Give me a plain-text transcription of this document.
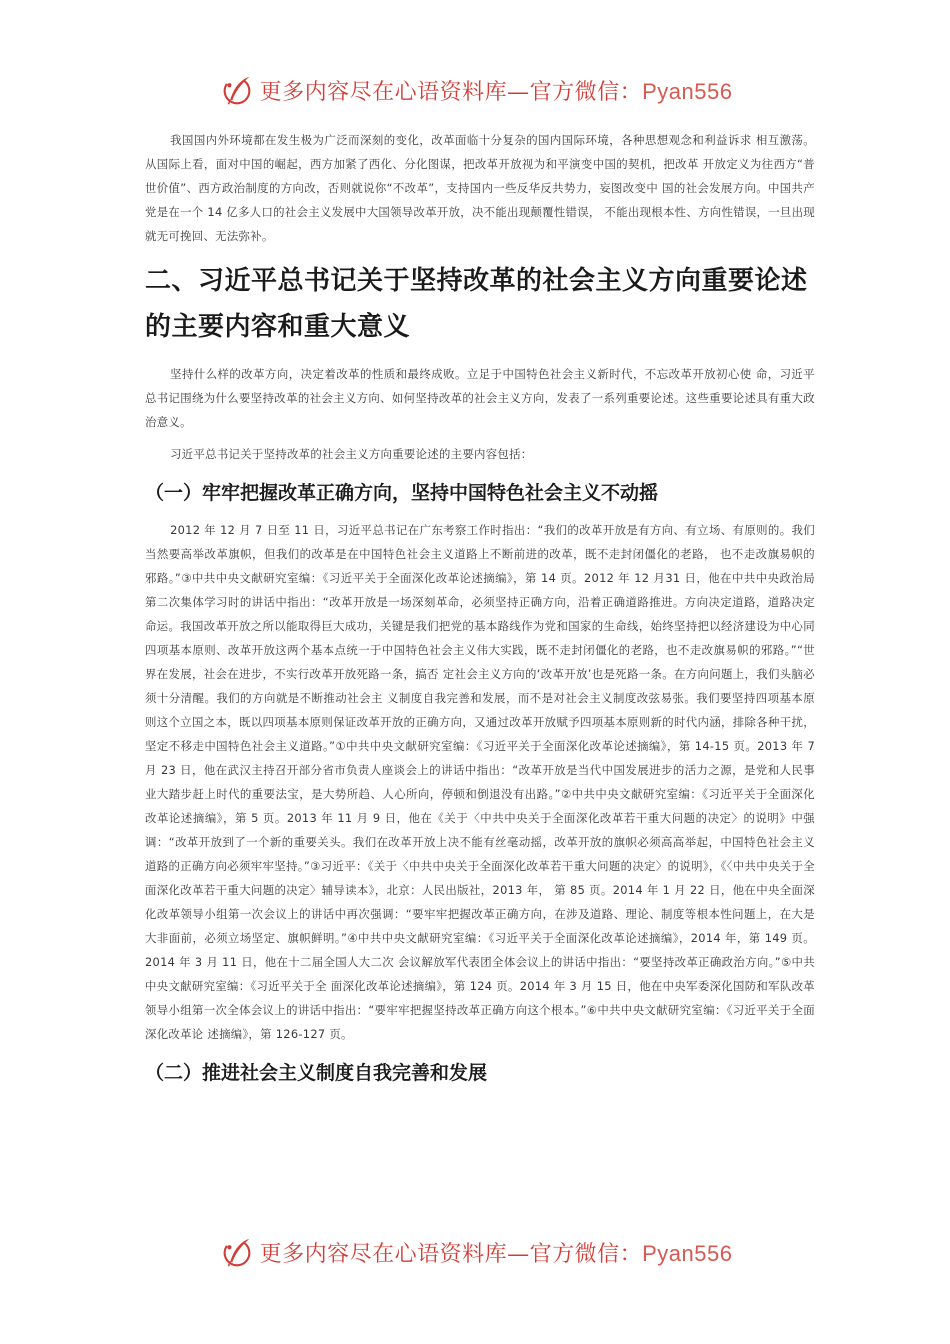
更多内容尽在心语资料库—官方微信：Pyan556

我国国内外环境都在发生极为广泛而深刻的变化，改革面临十分复杂的国内国际环境，各种思想观念和利益诉求 相互激荡。从国际上看，面对中国的崛起，西方加紧了西化、分化图谋，把改革开放视为和平演变中国的契机，把改革 开放定义为往西方“普世价值”、西方政治制度的方向改，否则就说你“不改革”，支持国内一些反华反共势力，妄图改变中 国的社会发展方向。中国共产党是在一个 14 亿多人口的社会主义发展中大国领导改革开放，决不能出现颠覆性错误， 不能出现根本性、方向性错误，一旦出现就无可挽回、无法弥补。

二、习近平总书记关于坚持改革的社会主义方向重要论述的主要内容和重大意义

坚持什么样的改革方向，决定着改革的性质和最终成败。立足于中国特色社会主义新时代，不忘改革开放初心使 命，习近平总书记围绕为什么要坚持改革的社会主义方向、如何坚持改革的社会主义方向，发表了一系列重要论述。这些重要论述具有重大政治意义。

习近平总书记关于坚持改革的社会主义方向重要论述的主要内容包括：

（一）牢牢把握改革正确方向，坚持中国特色社会主义不动摇

2012 年 12 月 7 日至 11 日，习近平总书记在广东考察工作时指出：“我们的改革开放是有方向、有立场、有原则的。我们当然要高举改革旗帜，但我们的改革是在中国特色社会主义道路上不断前进的改革，既不走封闭僵化的老路， 也不走改旗易帜的邪路。”③中共中央文献研究室编：《习近平关于全面深化改革论述摘编》，第 14 页。2012 年 12 月31 日，他在中共中央政治局第二次集体学习时的讲话中指出：“改革开放是一场深刻革命，必须坚持正确方向，沿着正确道路推进。方向决定道路，道路决定命运。我国改革开放之所以能取得巨大成功，关键是我们把党的基本路线作为党和国家的生命线，始终坚持把以经济建设为中心同四项基本原则、改革开放这两个基本点统一于中国特色社会主义伟大实践，既不走封闭僵化的老路，也不走改旗易帜的邪路。”“世界在发展，社会在进步，不实行改革开放死路一条，搞否 定社会主义方向的‘改革开放’也是死路一条。在方向问题上，我们头脑必须十分清醒。我们的方向就是不断推动社会主 义制度自我完善和发展，而不是对社会主义制度改弦易张。我们要坚持四项基本原则这个立国之本，既以四项基本原则保证改革开放的正确方向，又通过改革开放赋予四项基本原则新的时代内涵，排除各种干扰，坚定不移走中国特色社会主义道路。”①中共中央文献研究室编：《习近平关于全面深化改革论述摘编》，第 14-15 页。2013 年 7 月 23 日，他在武汉主持召开部分省市负责人座谈会上的讲话中指出：“改革开放是当代中国发展进步的活力之源，是党和人民事业大踏步赶上时代的重要法宝，是大势所趋、人心所向，停顿和倒退没有出路。”②中共中央文献研究室编：《习近平关于全面深化改革论述摘编》，第 5 页。2013 年 11 月 9 日，他在《关于〈中共中央关于全面深化改革若干重大问题的决定〉的说明》中强调：“改革开放到了一个新的重要关头。我们在改革开放上决不能有丝毫动摇，改革开放的旗帜必须高高举起，中国特色社会主义道路的正确方向必须牢牢坚持。”③习近平：《关于〈中共中央关于全面深化改革若干重大问题的决定〉的说明》，《〈中共中央关于全面深化改革若干重大问题的决定〉辅导读本》，北京：人民出版社，2013 年， 第 85 页。2014 年 1 月 22 日，他在中央全面深化改革领导小组第一次会议上的讲话中再次强调：“要牢牢把握改革正确方向，在涉及道路、理论、制度等根本性问题上，在大是大非面前，必须立场坚定、旗帜鲜明。”④中共中央文献研究室编：《习近平关于全面深化改革论述摘编》，2014 年，第 149 页。2014 年 3 月 11 日，他在十二届全国人大二次 会议解放军代表团全体会议上的讲话中指出：“要坚持改革正确政治方向。”⑤中共中央文献研究室编：《习近平关于全 面深化改革论述摘编》，第 124 页。2014 年 3 月 15 日，他在中央军委深化国防和军队改革领导小组第一次全体会议上的讲话中指出：“要牢牢把握坚持改革正确方向这个根本。”⑥中共中央文献研究室编：《习近平关于全面深化改革论 述摘编》，第 126-127 页。

（二）推进社会主义制度自我完善和发展
更多内容尽在心语资料库—官方微信：Pyan556
